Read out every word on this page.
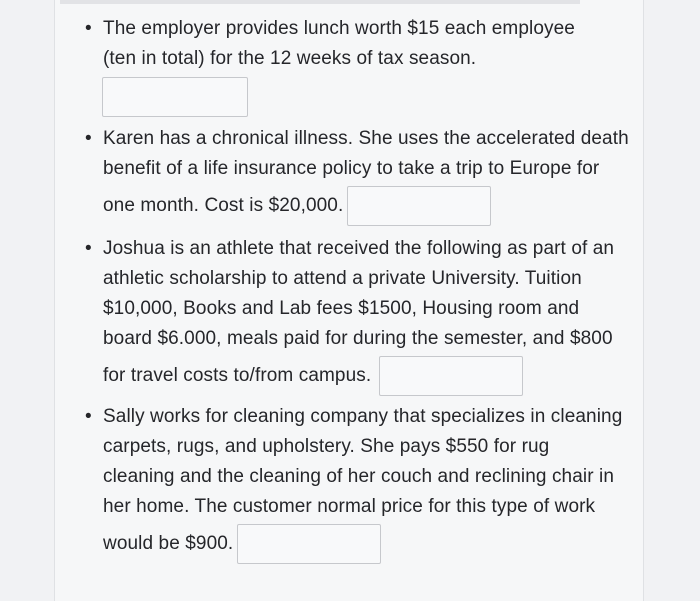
• The employer provides lunch worth $15 each employee
(ten in total) for the 12 weeks of tax season.
• Karen has a chronical illness. She uses the accelerated death
benefit of a life insurance policy to take a trip to Europe for
one month. Cost is $20,000.
• Joshua is an athlete that received the following as part of an
athletic scholarship to attend a private University. Tuition
$10,000, Books and Lab fees $1500, Housing room and
board $6.000, meals paid for during the semester, and $800
for travel costs to/from campus.
• Sally works for cleaning company that specializes in cleaning
carpets, rugs, and upholstery. She pays $550 for rug
cleaning and the cleaning of her couch and reclining chair in
her home. The customer normal price for this type of work
would be $900.
